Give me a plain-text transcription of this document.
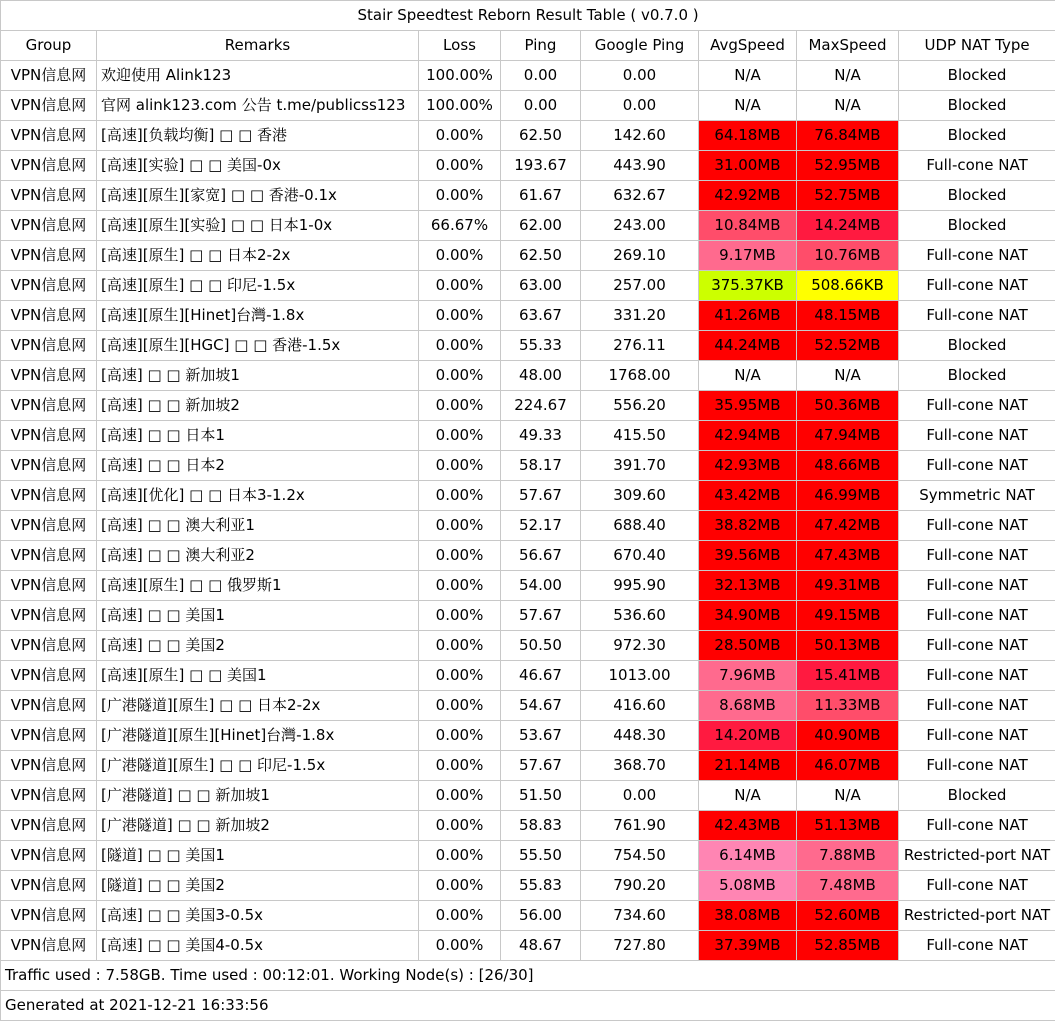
Stair Speedtest Reborn Result Table ( v0.7.0 )							
Group	Remarks	Loss	Ping	Google Ping	AvgSpeed	MaxSpeed	UDP NAT Type
VPN信息网	欢迎使用 Alink123	100.00%	0.00	0.00	N/A	N/A	Blocked
VPN信息网	官网 alink123.com 公告 t.me/publicss123	100.00%	0.00	0.00	N/A	N/A	Blocked
VPN信息网	[高速][负载均衡] □ □ 香港	0.00%	62.50	142.60	64.18MB	76.84MB	Blocked
VPN信息网	[高速][实验] □ □ 美国-0x	0.00%	193.67	443.90	31.00MB	52.95MB	Full-cone NAT
VPN信息网	[高速][原生][家宽] □ □ 香港-0.1x	0.00%	61.67	632.67	42.92MB	52.75MB	Blocked
VPN信息网	[高速][原生][实验] □ □ 日本1-0x	66.67%	62.00	243.00	10.84MB	14.24MB	Blocked
VPN信息网	[高速][原生] □ □ 日本2-2x	0.00%	62.50	269.10	9.17MB	10.76MB	Full-cone NAT
VPN信息网	[高速][原生] □ □ 印尼-1.5x	0.00%	63.00	257.00	375.37KB	508.66KB	Full-cone NAT
VPN信息网	[高速][原生][Hinet]台灣-1.8x	0.00%	63.67	331.20	41.26MB	48.15MB	Full-cone NAT
VPN信息网	[高速][原生][HGC] □ □ 香港-1.5x	0.00%	55.33	276.11	44.24MB	52.52MB	Blocked
VPN信息网	[高速] □ □ 新加坡1	0.00%	48.00	1768.00	N/A	N/A	Blocked
VPN信息网	[高速] □ □ 新加坡2	0.00%	224.67	556.20	35.95MB	50.36MB	Full-cone NAT
VPN信息网	[高速] □ □ 日本1	0.00%	49.33	415.50	42.94MB	47.94MB	Full-cone NAT
VPN信息网	[高速] □ □ 日本2	0.00%	58.17	391.70	42.93MB	48.66MB	Full-cone NAT
VPN信息网	[高速][优化] □ □ 日本3-1.2x	0.00%	57.67	309.60	43.42MB	46.99MB	Symmetric NAT
VPN信息网	[高速] □ □ 澳大利亚1	0.00%	52.17	688.40	38.82MB	47.42MB	Full-cone NAT
VPN信息网	[高速] □ □ 澳大利亚2	0.00%	56.67	670.40	39.56MB	47.43MB	Full-cone NAT
VPN信息网	[高速][原生] □ □ 俄罗斯1	0.00%	54.00	995.90	32.13MB	49.31MB	Full-cone NAT
VPN信息网	[高速] □ □ 美国1	0.00%	57.67	536.60	34.90MB	49.15MB	Full-cone NAT
VPN信息网	[高速] □ □ 美国2	0.00%	50.50	972.30	28.50MB	50.13MB	Full-cone NAT
VPN信息网	[高速][原生] □ □ 美国1	0.00%	46.67	1013.00	7.96MB	15.41MB	Full-cone NAT
VPN信息网	[广港隧道][原生] □ □ 日本2-2x	0.00%	54.67	416.60	8.68MB	11.33MB	Full-cone NAT
VPN信息网	[广港隧道][原生][Hinet]台灣-1.8x	0.00%	53.67	448.30	14.20MB	40.90MB	Full-cone NAT
VPN信息网	[广港隧道][原生] □ □ 印尼-1.5x	0.00%	57.67	368.70	21.14MB	46.07MB	Full-cone NAT
VPN信息网	[广港隧道] □ □ 新加坡1	0.00%	51.50	0.00	N/A	N/A	Blocked
VPN信息网	[广港隧道] □ □ 新加坡2	0.00%	58.83	761.90	42.43MB	51.13MB	Full-cone NAT
VPN信息网	[隧道] □ □ 美国1	0.00%	55.50	754.50	6.14MB	7.88MB	Restricted-port NAT
VPN信息网	[隧道] □ □ 美国2	0.00%	55.83	790.20	5.08MB	7.48MB	Full-cone NAT
VPN信息网	[高速] □ □ 美国3-0.5x	0.00%	56.00	734.60	38.08MB	52.60MB	Restricted-port NAT
VPN信息网	[高速] □ □ 美国4-0.5x	0.00%	48.67	727.80	37.39MB	52.85MB	Full-cone NAT
Traffic used : 7.58GB. Time used : 00:12:01. Working Node(s) : [26/30]							
Generated at 2021-12-21 16:33:56							
